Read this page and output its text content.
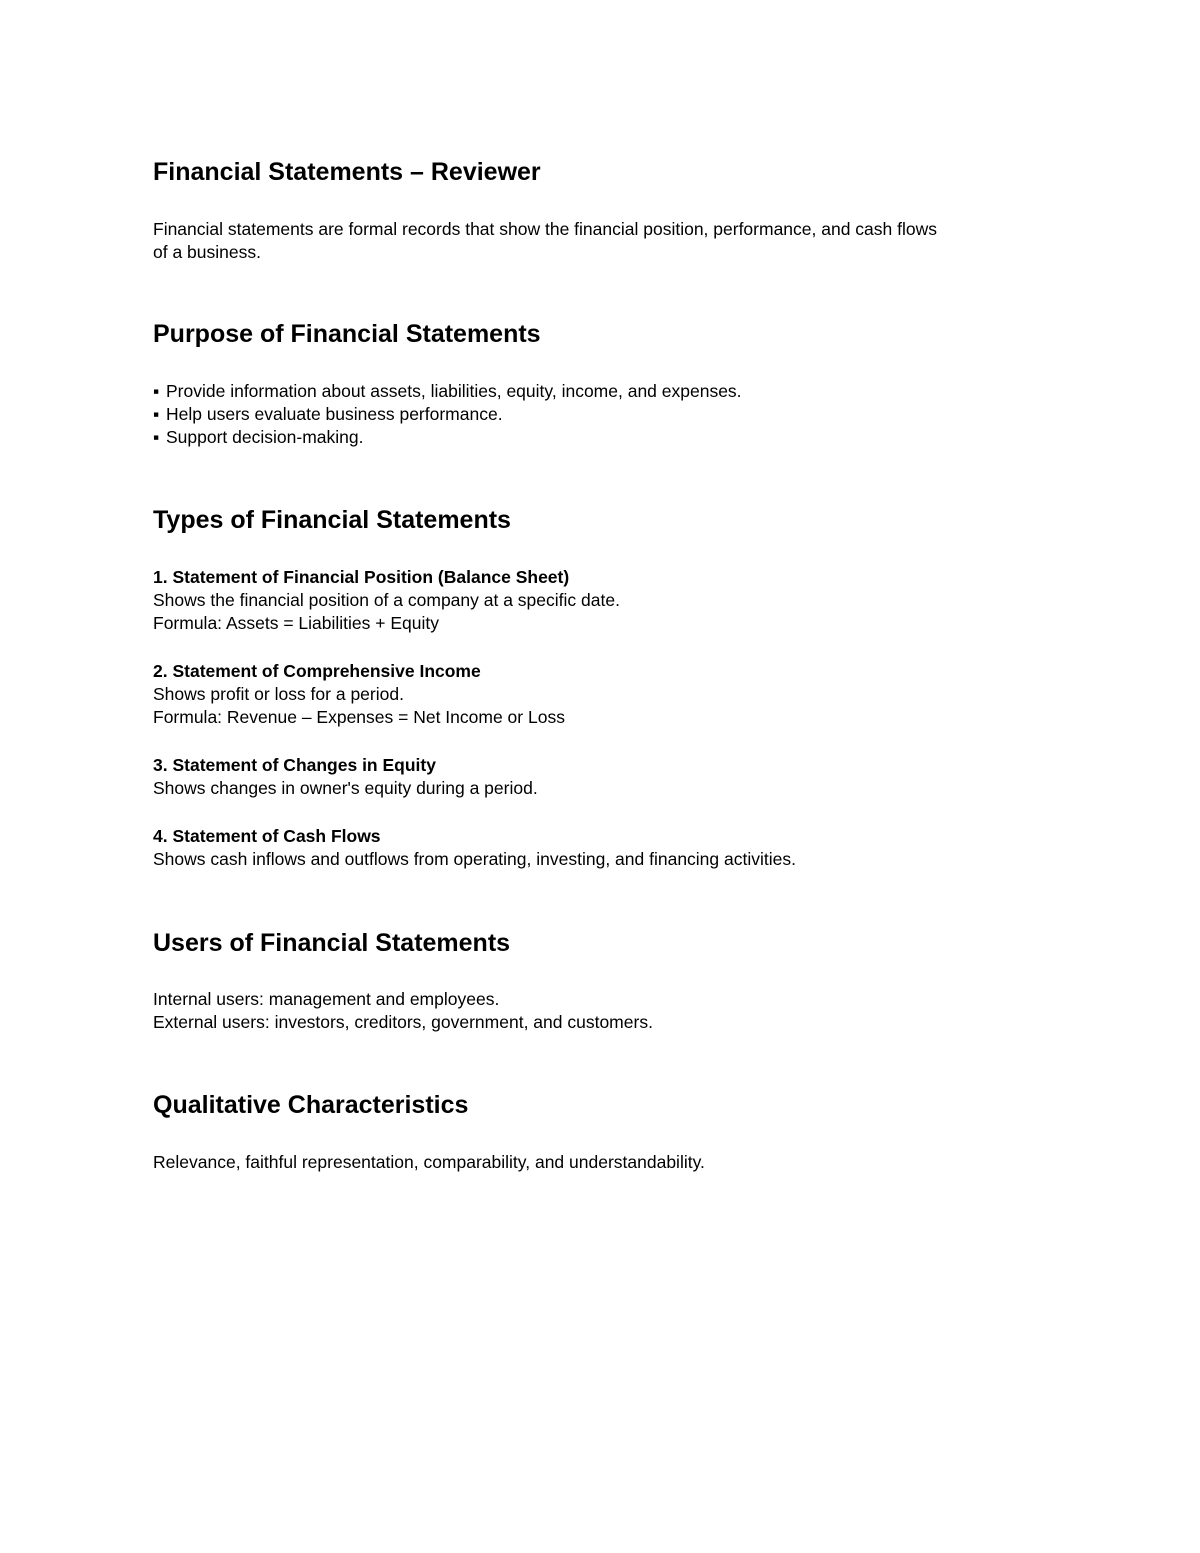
Financial Statements – Reviewer
Financial statements are formal records that show the financial position, performance, and cash flows
of a business.
Purpose of Financial Statements
▪ Provide information about assets, liabilities, equity, income, and expenses.
▪ Help users evaluate business performance.
▪ Support decision-making.
Types of Financial Statements
1. Statement of Financial Position (Balance Sheet)
Shows the financial position of a company at a specific date.
Formula: Assets = Liabilities + Equity
2. Statement of Comprehensive Income
Shows profit or loss for a period.
Formula: Revenue – Expenses = Net Income or Loss
3. Statement of Changes in Equity
Shows changes in owner's equity during a period.
4. Statement of Cash Flows
Shows cash inflows and outflows from operating, investing, and financing activities.
Users of Financial Statements
Internal users: management and employees.
External users: investors, creditors, government, and customers.
Qualitative Characteristics
Relevance, faithful representation, comparability, and understandability.
